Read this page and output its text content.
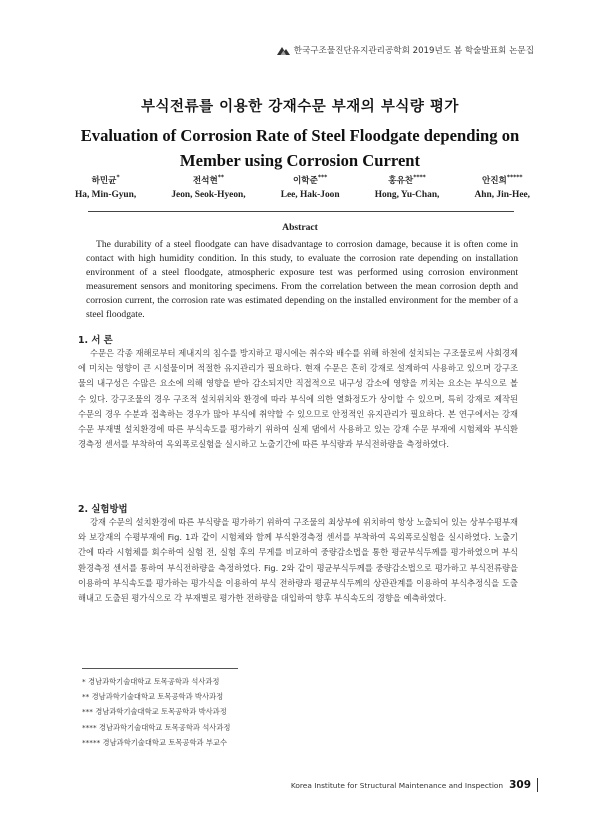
한국구조물진단유지관리공학회 2019년도 봄 학술발표회 논문집
부식전류를 이용한 강재수문 부재의 부식량 평가
Evaluation of Corrosion Rate of Steel Floodgate depending on Member using Corrosion Current
하민균*
Ha, Min-Gyun,
전석현**
Jeon, Seok-Hyeon,
이학준***
Lee, Hak-Joon
홍유찬****
Hong, Yu-Chan,
안진희*****
Ahn, Jin-Hee,
Abstract

The durability of a steel floodgate can have disadvantage to corrosion damage, because it is often come in contact with high humidity condition. In this study, to evaluate the corrosion rate depending on installation environment of a steel floodgate, atmospheric exposure test was performed using corrosion environment measurement sensors and monitoring specimens. From the correlation between the mean corrosion depth and corrosion current, the corrosion rate was estimated depending on the installed environment for the member of a steel floodgate.

1. 서 론

수문은 각종 재해로부터 제내지의 침수를 방지하고 평시에는 취수와 배수를 위해 하천에 설치되는 구조물로써 사회경제에 미치는 영향이 큰 시설물이며 적절한 유지관리가 필요하다. 현재 수문은 흔히 강재로 설계하여 사용하고 있으며 강구조물의 내구성은 수많은 요소에 의해 영향을 받아 감소되지만 직접적으로 내구성 감소에 영향을 끼치는 요소는 부식으로 볼 수 있다. 강구조물의 경우 구조적 설치위치와 환경에 따라 부식에 의한 열화정도가 상이할 수 있으며, 특히 강재로 제작된 수문의 경우 수분과 접촉하는 경우가 많아 부식에 취약할 수 있으므로 안정적인 유지관리가 필요하다. 본 연구에서는 강재 수문 부재별 설치환경에 따른 부식속도를 평가하기 위하여 실제 댐에서 사용하고 있는 강재 수문 부재에 시험체와 부식환경측정 센서를 부착하여 옥외폭로실험을 실시하고 노출기간에 따른 부식량과 부식전하량을 측정하였다.

2. 실험방법

강재 수문의 설치환경에 따른 부식량을 평가하기 위하여 구조물의 최상부에 위치하여 항상 노출되어 있는 상부수평부재와 보강재의 수평부재에 Fig. 1과 같이 시험체와 함께 부식환경측정 센서를 부착하여 옥외폭로실험을 실시하였다. 노출기간에 따라 시험체를 회수하여 실험 전, 실험 후의 무게를 비교하여 중량감소법을 통한 평균부식두께를 평가하였으며 부식환경측정 센서를 통하여 부식전하량을 측정하였다. Fig. 2와 같이 평균부식두께를 중량감소법으로 평가하고 부식전류량을 이용하여 부식속도를 평가하는 평가식을 이용하여 부식 전하량과 평균부식두께의 상관관계를 이용하여 부식추정식을 도출해내고 도출된 평가식으로 각 부재별로 평가한 전하량을 대입하여 향후 부식속도의 경향을 예측하였다.

* 경남과학기술대학교 토목공학과 석사과정
** 경남과학기술대학교 토목공학과 박사과정
*** 경남과학기술대학교 토목공학과 박사과정
**** 경남과학기술대학교 토목공학과 석사과정
***** 경남과학기술대학교 토목공학과 부교수
Korea Institute for Structural Maintenance and Inspection 309
